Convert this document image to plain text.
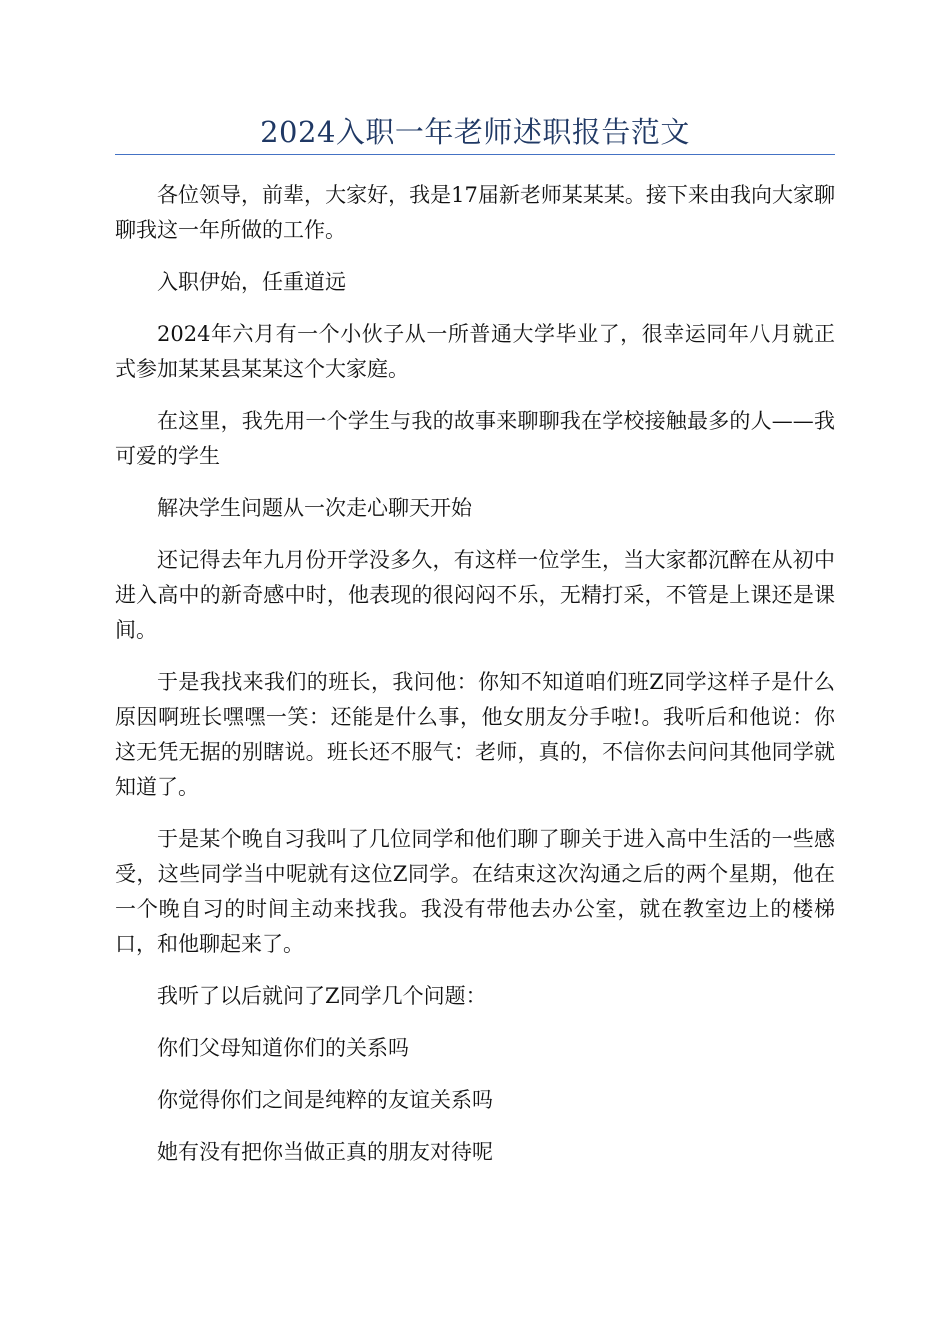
2024入职一年老师述职报告范文

各位领导，前辈，大家好，我是17届新老师某某某。接下来由我向大家聊聊我这一年所做的工作。

入职伊始，任重道远

2024年六月有一个小伙子从一所普通大学毕业了，很幸运同年八月就正式参加某某县某某这个大家庭。

在这里，我先用一个学生与我的故事来聊聊我在学校接触最多的人——我可爱的学生

解决学生问题从一次走心聊天开始

还记得去年九月份开学没多久，有这样一位学生，当大家都沉醉在从初中进入高中的新奇感中时，他表现的很闷闷不乐，无精打采，不管是上课还是课间。

于是我找来我们的班长，我问他：你知不知道咱们班Z同学这样子是什么原因啊班长嘿嘿一笑：还能是什么事，他女朋友分手啦!。我听后和他说：你这无凭无据的别瞎说。班长还不服气：老师，真的，不信你去问问其他同学就知道了。

于是某个晚自习我叫了几位同学和他们聊了聊关于进入高中生活的一些感受，这些同学当中呢就有这位Z同学。在结束这次沟通之后的两个星期，他在一个晚自习的时间主动来找我。我没有带他去办公室，就在教室边上的楼梯口，和他聊起来了。

我听了以后就问了Z同学几个问题：

你们父母知道你们的关系吗

你觉得你们之间是纯粹的友谊关系吗

她有没有把你当做正真的朋友对待呢
